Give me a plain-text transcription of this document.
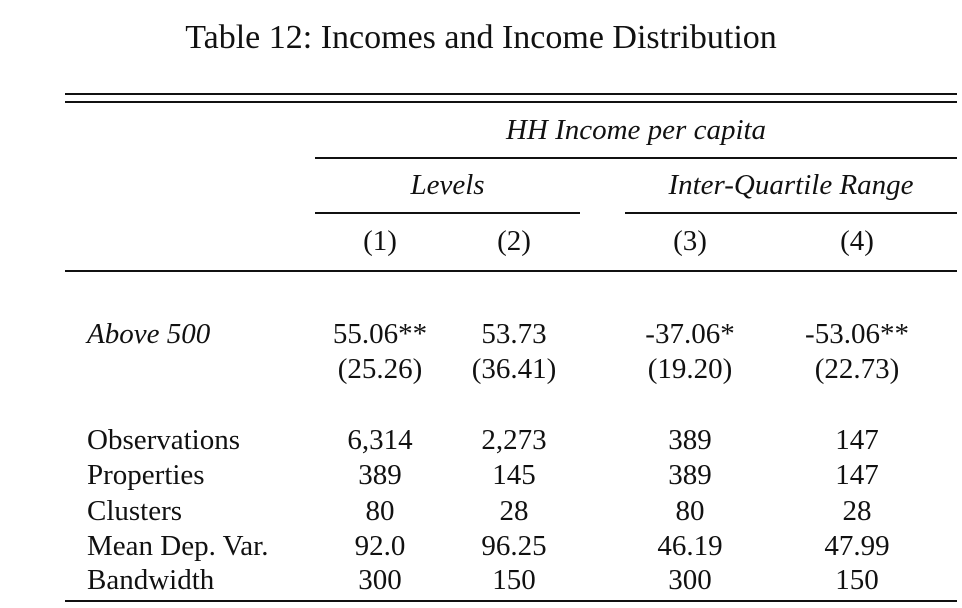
Table 12: Incomes and Income Distribution
HH Income per capita
Levels	Inter-Quartile Range
(1)	(2)	(3)	(4)
Above 500	55.06**	53.73	-37.06*	-53.06**
(25.26)	(36.41)	(19.20)	(22.73)
Observations	6,314	2,273	389	147
Properties	389	145	389	147
Clusters	80	28	80	28
Mean Dep. Var.	92.0	96.25	46.19	47.99
Bandwidth	300	150	300	150
